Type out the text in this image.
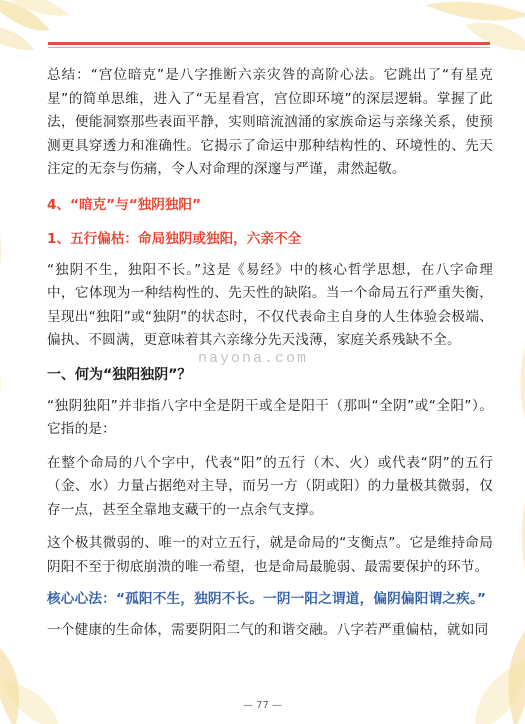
总结：“宫位暗克”是八字推断六亲灾咎的高阶心法。它跳出了“有星克星”的简单思维，进入了“无星看宫，宫位即环境”的深层逻辑。掌握了此法，便能洞察那些表面平静，实则暗流汹涌的家族命运与亲缘关系，使预测更具穿透力和准确性。它揭示了命运中那种结构性的、环境性的、先天注定的无奈与伤痛，令人对命理的深邃与严谨，肃然起敬。

4、“暗克”与“独阴独阳”
1、五行偏枯：命局独阴或独阳，六亲不全

“独阴不生，独阳不长。”这是《易经》中的核心哲学思想，在八字命理中，它体现为一种结构性的、先天性的缺陷。当一个命局五行严重失衡，呈现出“独阳”或“独阴”的状态时，不仅代表命主自身的人生体验会极端、偏执、不圆满，更意味着其六亲缘分先天浅薄，家庭关系残缺不全。

一、何为“独阳独阴”？

“独阴独阳”并非指八字中全是阴干或全是阳干（那叫“全阴”或“全阳”）。它指的是：

在整个命局的八个字中，代表“阳”的五行（木、火）或代表“阴”的五行（金、水）力量占据绝对主导，而另一方（阴或阳）的力量极其微弱，仅存一点，甚至全靠地支藏干的一点余气支撑。

这个极其微弱的、唯一的对立五行，就是命局的“支衡点”。它是维持命局阴阳不至于彻底崩溃的唯一希望，也是命局最脆弱、最需要保护的环节。

核心心法：“孤阳不生，独阴不长。一阴一阳之谓道，偏阴偏阳谓之疾。”

一个健康的生命体，需要阴阳二气的和谐交融。八字若严重偏枯，就如同

nayona.com
— 77 —
